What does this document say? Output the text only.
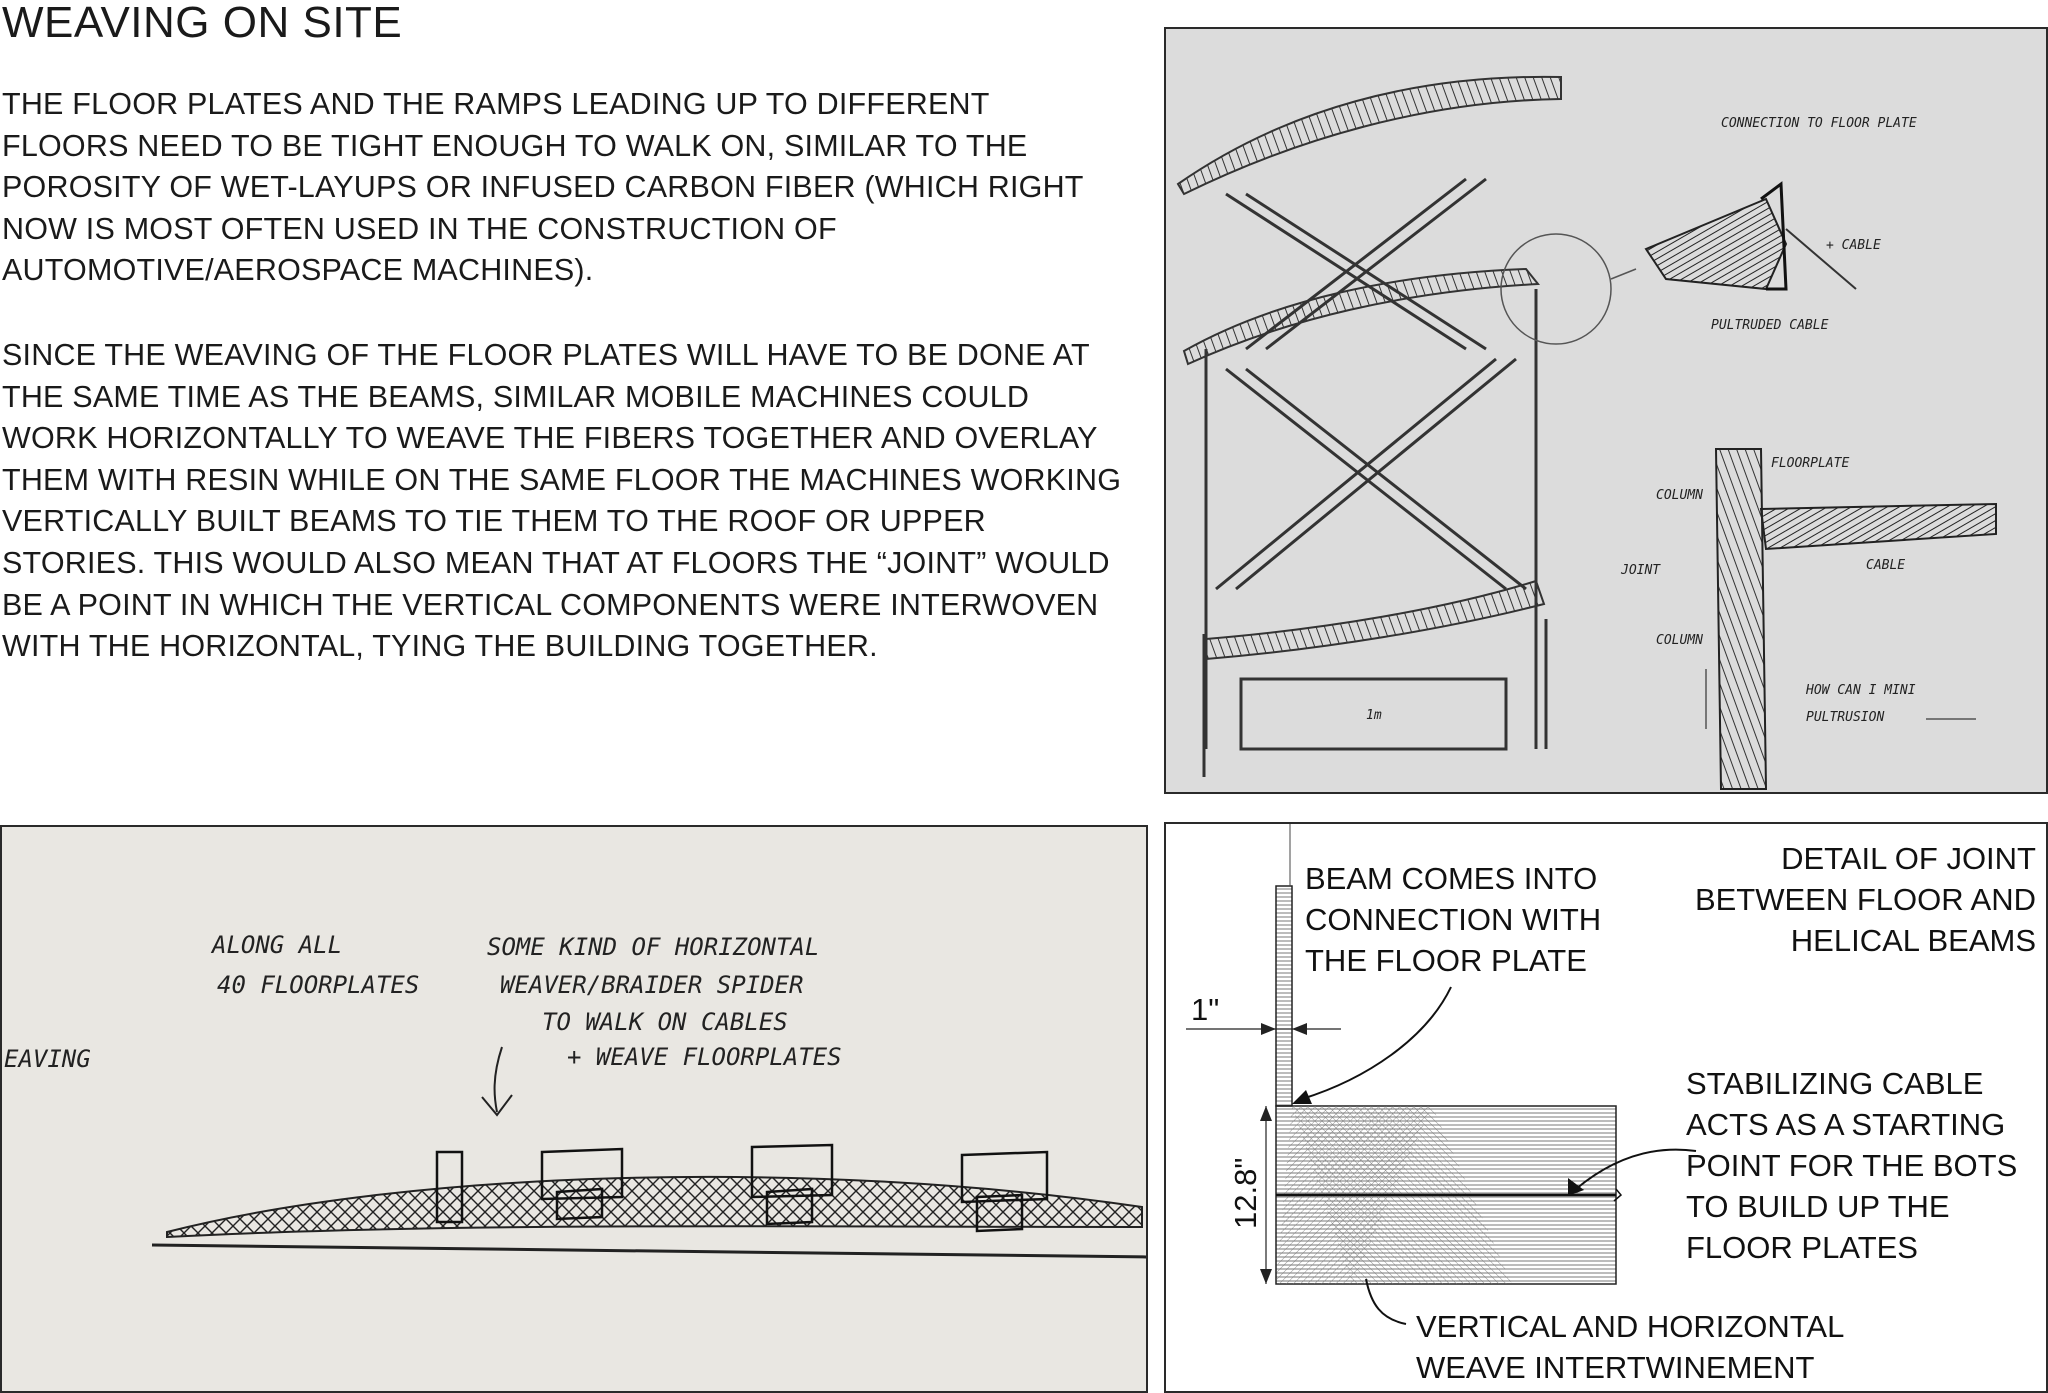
WEAVING ON SITE

THE FLOOR PLATES AND THE RAMPS LEADING UP TO DIFFERENT FLOORS NEED TO BE TIGHT ENOUGH TO WALK ON, SIMILAR TO THE POROSITY OF WET-LAYUPS OR INFUSED CARBON FIBER (WHICH RIGHT NOW IS MOST OFTEN USED IN THE CONSTRUCTION OF AUTOMOTIVE/AEROSPACE MACHINES).

SINCE THE WEAVING OF THE FLOOR PLATES WILL HAVE TO BE DONE AT THE SAME TIME AS THE BEAMS, SIMILAR MOBILE MACHINES COULD WORK HORIZONTALLY TO WEAVE THE FIBERS TOGETHER AND OVERLAY THEM WITH RESIN WHILE ON THE SAME FLOOR THE MACHINES WORKING VERTICALLY BUILT BEAMS TO TIE THEM TO THE ROOF OR UPPER STORIES. THIS WOULD ALSO MEAN THAT AT FLOORS THE “JOINT” WOULD BE A POINT IN WHICH THE VERTICAL COMPONENTS WERE INTERWOVEN WITH THE HORIZONTAL, TYING THE BUILDING TOGETHER.

CONNECTION TO FLOOR PLATE
+ CABLE
PULTRUDED CABLE
FLOORPLATE
COLUMN
JOINT	CABLE
COLUMN
HOW CAN I MINI
PULTRUSION
1m
ALONG ALL
40 FLOORPLATES
SOME KIND OF HORIZONTAL
WEAVER/BRAIDER SPIDER
TO WALK ON CABLES
+ WEAVE FLOORPLATES
EAVING
1"
12.8"
DETAIL OF JOINT
BETWEEN FLOOR AND
HELICAL BEAMS
BEAM COMES INTO
CONNECTION WITH
THE FLOOR PLATE
STABILIZING CABLE
ACTS AS A STARTING
POINT FOR THE BOTS
TO BUILD UP THE
FLOOR PLATES
VERTICAL AND HORIZONTAL
WEAVE INTERTWINEMENT
